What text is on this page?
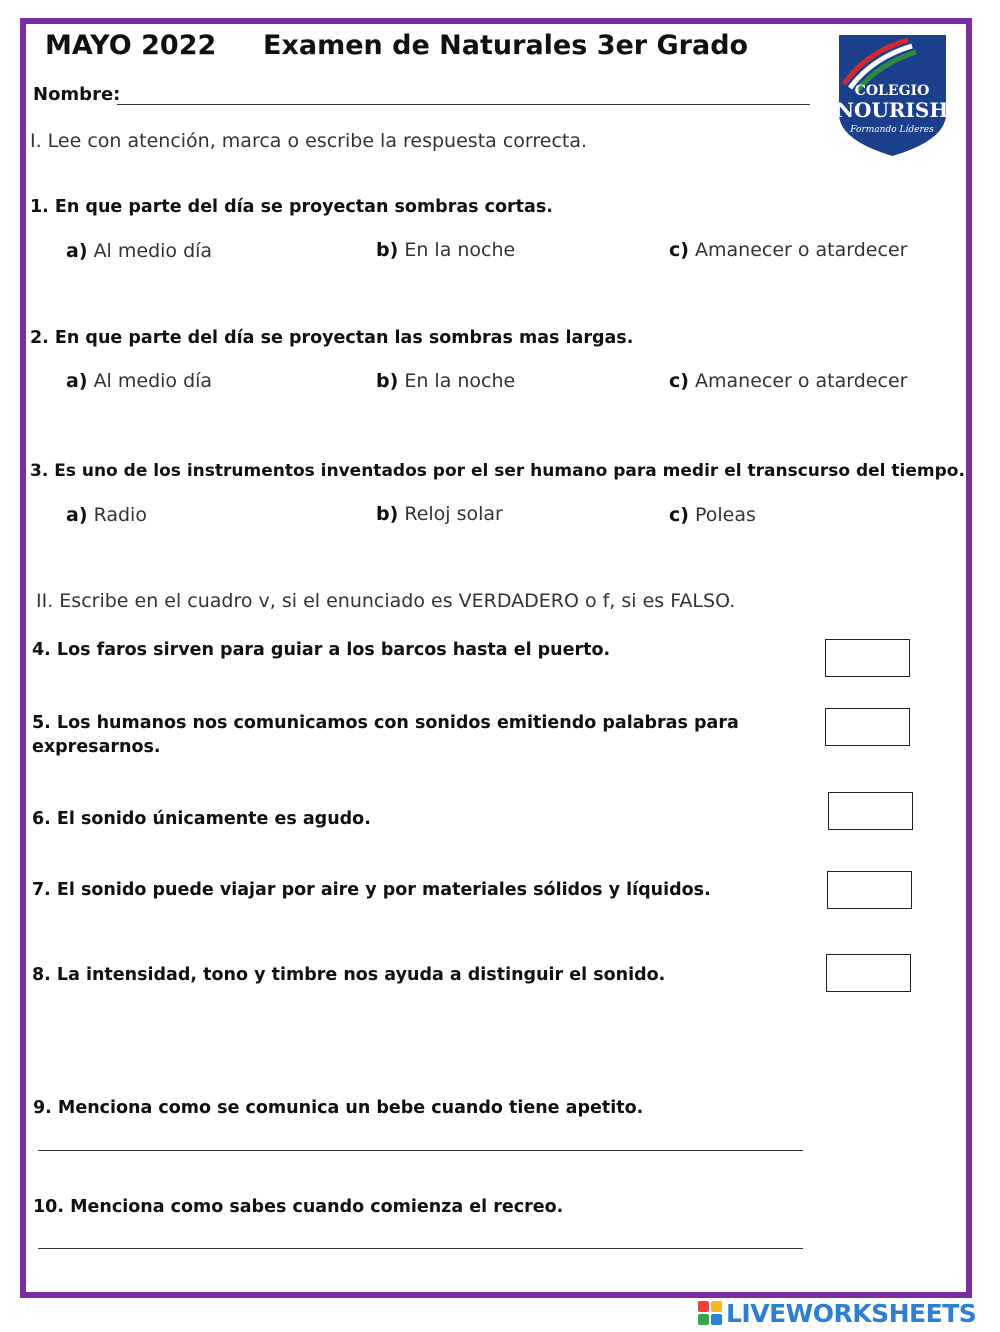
MAYO 2022 Examen de Naturales 3er Grado
Nombre:	COLEGIO
NOURISH
Formando Líderes
I. Lee con atención, marca o escribe la respuesta correcta.
1. En que parte del día se proyectan sombras cortas.
a) Al medio día	b) En la noche	c) Amanecer o atardecer
2. En que parte del día se proyectan las sombras mas largas.
a) Al medio día	b) En la noche	c) Amanecer o atardecer
3. Es uno de los instrumentos inventados por el ser humano para medir el transcurso del tiempo.
a) Radio	b) Reloj solar	c) Poleas
II. Escribe en el cuadro v, si el enunciado es VERDADERO o f, si es FALSO.
4. Los faros sirven para guiar a los barcos hasta el puerto.
5. Los humanos nos comunicamos con sonidos emitiendo palabras para
expresarnos.
6. El sonido únicamente es agudo.
7. El sonido puede viajar por aire y por materiales sólidos y líquidos.
8. La intensidad, tono y timbre nos ayuda a distinguir el sonido.
9. Menciona como se comunica un bebe cuando tiene apetito.
10. Menciona como sabes cuando comienza el recreo.
LIVEWORKSHEETS
